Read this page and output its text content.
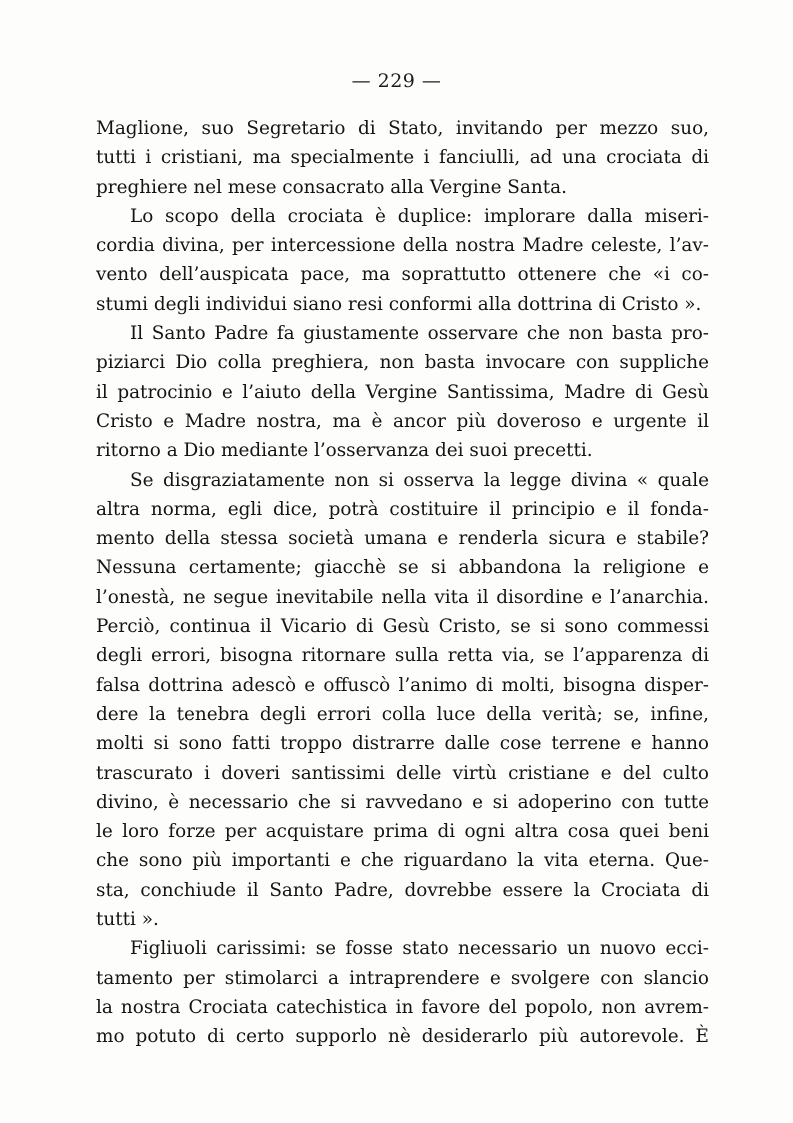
— 229 —
Maglione, suo Segretario di Stato, invitando per mezzo suo,
tutti i cristiani, ma specialmente i fanciulli, ad una crociata di
preghiere nel mese consacrato alla Vergine Santa.
Lo scopo della crociata è duplice: implorare dalla miseri-
cordia divina, per intercessione della nostra Madre celeste, l’av-
vento dell’auspicata pace, ma soprattutto ottenere che «i co-
stumi degli individui siano resi conformi alla dottrina di Cristo ».
Il Santo Padre fa giustamente osservare che non basta pro-
piziarci Dio colla preghiera, non basta invocare con suppliche
il patrocinio e l’aiuto della Vergine Santissima, Madre di Gesù
Cristo e Madre nostra, ma è ancor più doveroso e urgente il
ritorno a Dio mediante l’osservanza dei suoi precetti.
Se disgraziatamente non si osserva la legge divina « quale
altra norma, egli dice, potrà costituire il principio e il fonda-
mento della stessa società umana e renderla sicura e stabile?
Nessuna certamente; giacchè se si abbandona la religione e
l’onestà, ne segue inevitabile nella vita il disordine e l’anarchia.
Perciò, continua il Vicario di Gesù Cristo, se si sono commessi
degli errori, bisogna ritornare sulla retta via, se l’apparenza di
falsa dottrina adescò e offuscò l’animo di molti, bisogna disper-
dere la tenebra degli errori colla luce della verità; se, infine,
molti si sono fatti troppo distrarre dalle cose terrene e hanno
trascurato i doveri santissimi delle virtù cristiane e del culto
divino, è necessario che si ravvedano e si adoperino con tutte
le loro forze per acquistare prima di ogni altra cosa quei beni
che sono più importanti e che riguardano la vita eterna. Que-
sta, conchiude il Santo Padre, dovrebbe essere la Crociata di
tutti ».
Figliuoli carissimi: se fosse stato necessario un nuovo ecci-
tamento per stimolarci a intraprendere e svolgere con slancio
la nostra Crociata catechistica in favore del popolo, non avrem-
mo potuto di certo supporlo nè desiderarlo più autorevole. È
